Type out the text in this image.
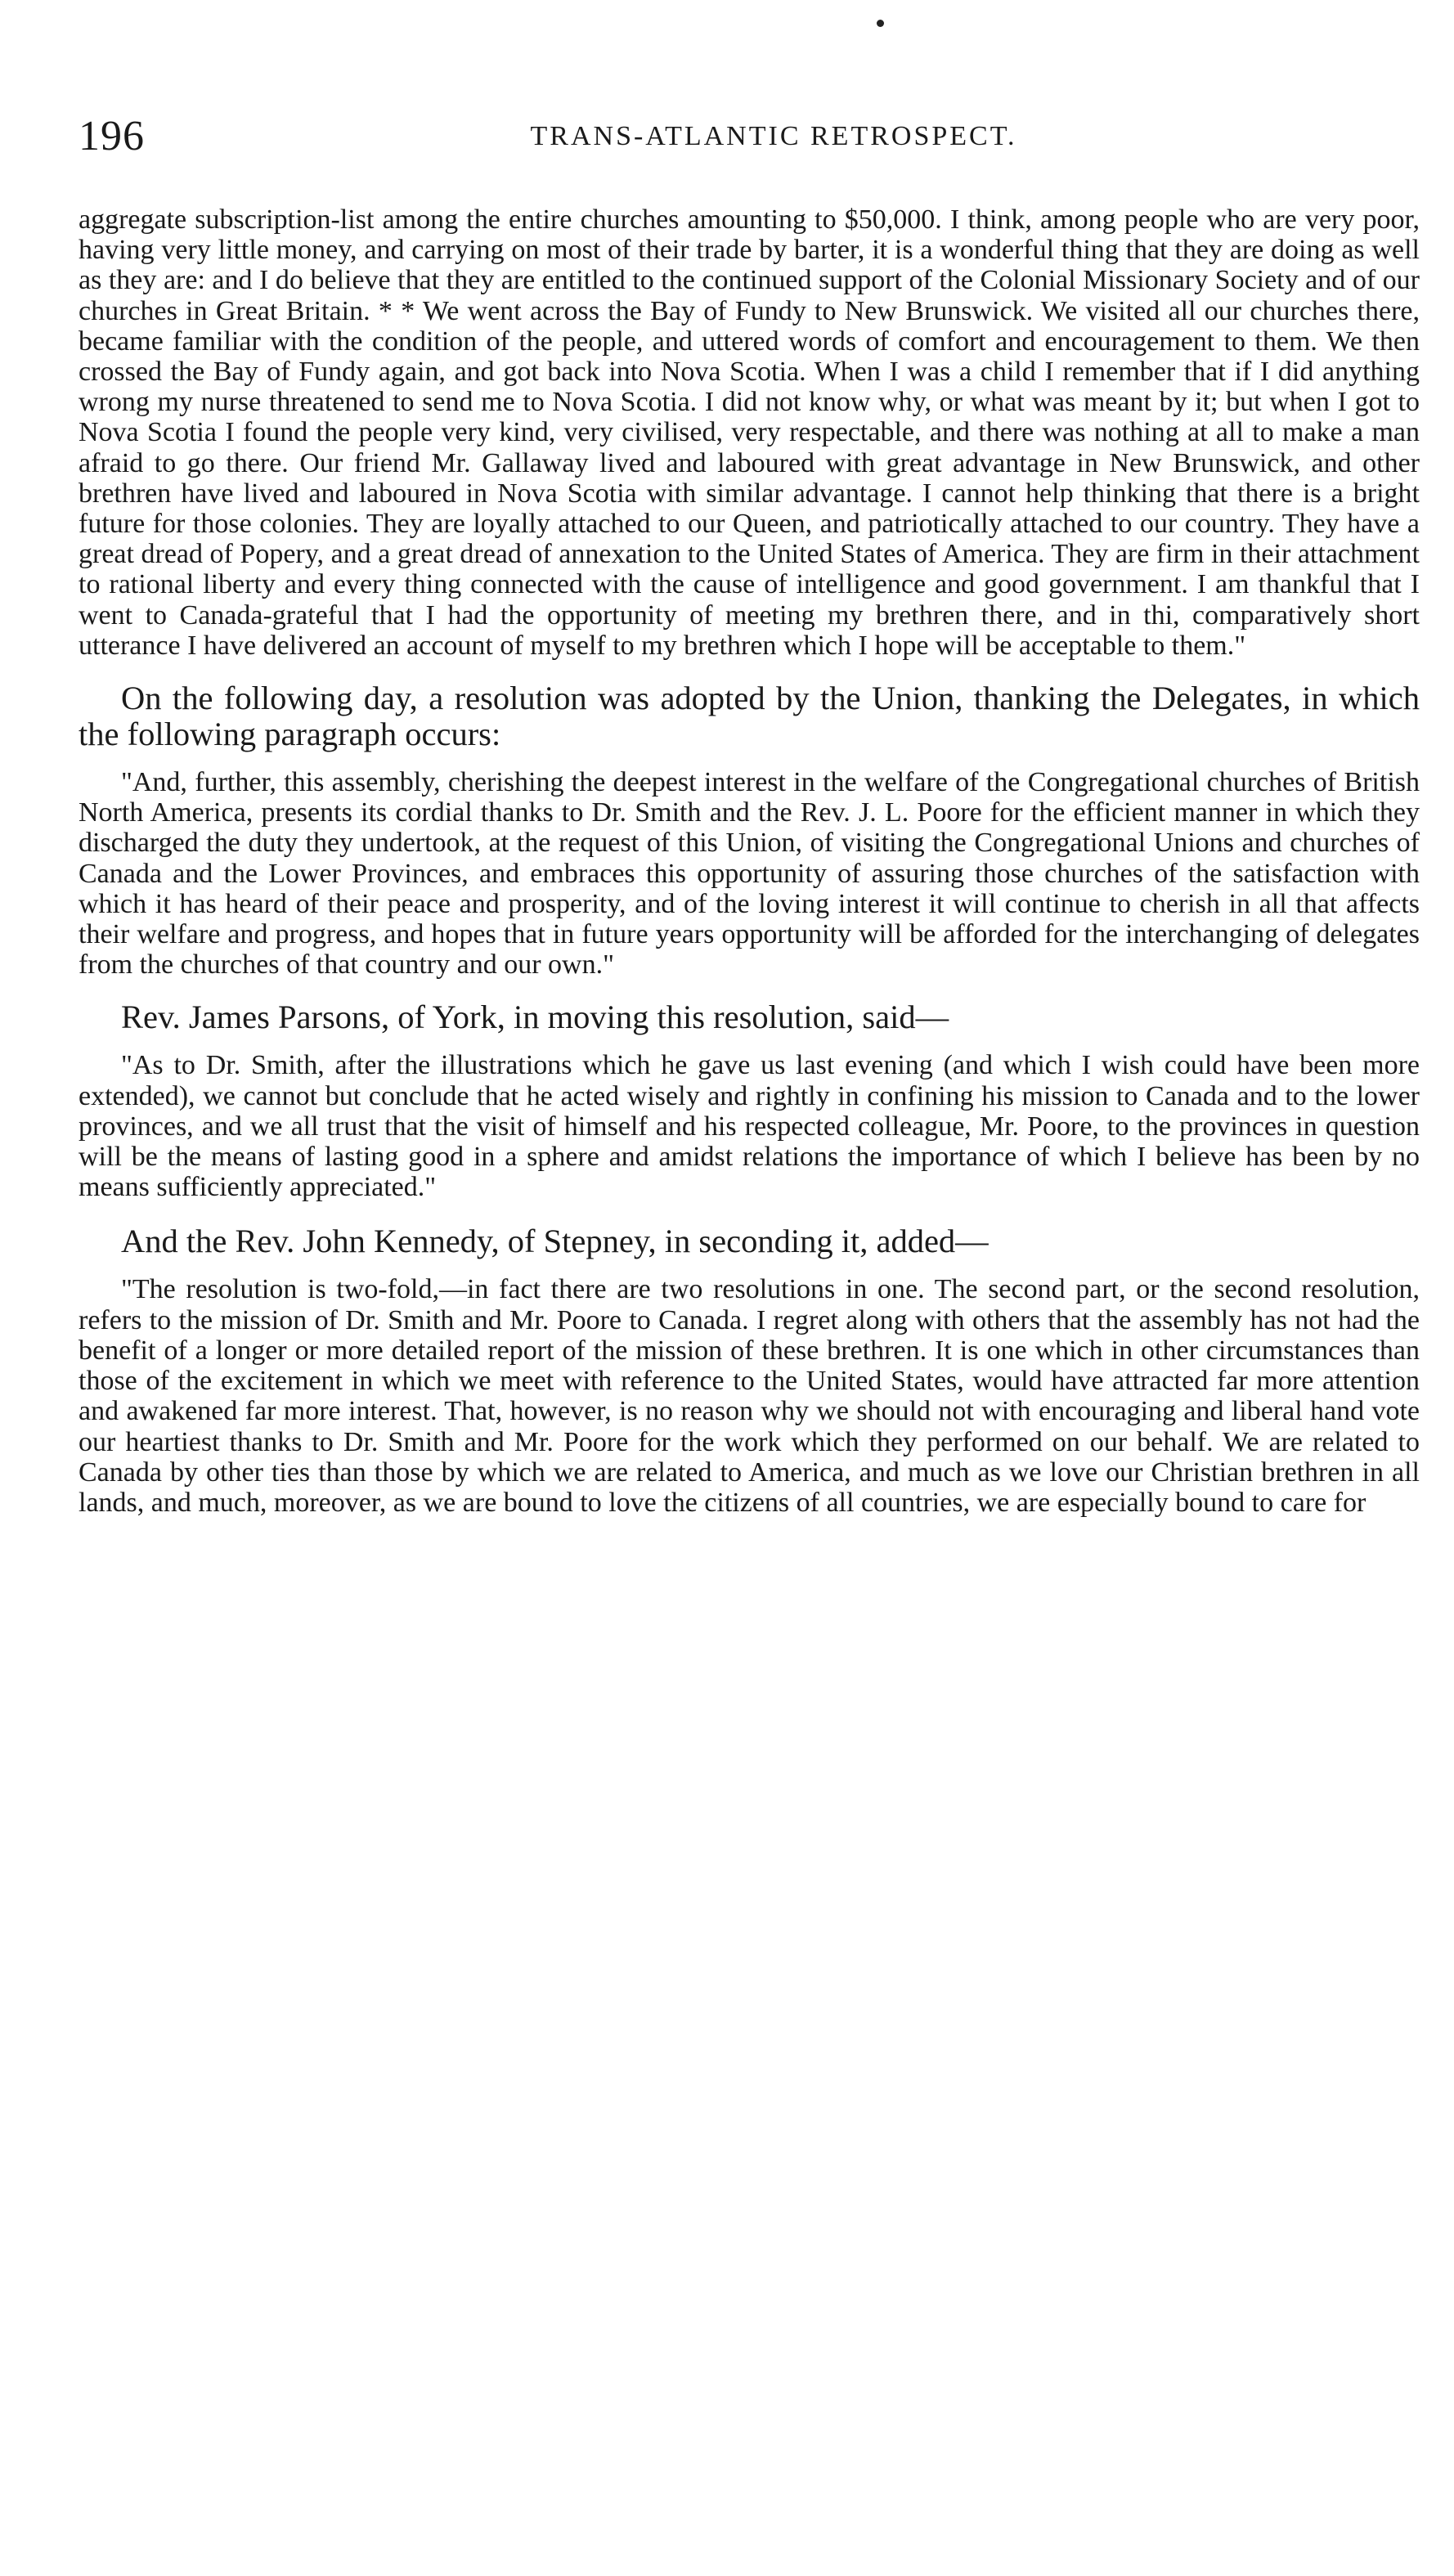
196	TRANS-ATLANTIC RETROSPECT.

aggregate subscription-list among the entire churches amounting to $50,000. I think, among people who are very poor, having very little money, and carrying on most of their trade by barter, it is a wonderful thing that they are doing as well as they are: and I do believe that they are entitled to the continued support of the Colonial Missionary Society and of our churches in Great Britain. * * We went across the Bay of Fundy to New Brunswick. We visited all our churches there, became familiar with the condition of the people, and uttered words of comfort and encouragement to them. We then crossed the Bay of Fundy again, and got back into Nova Scotia. When I was a child I remember that if I did anything wrong my nurse threatened to send me to Nova Scotia. I did not know why, or what was meant by it; but when I got to Nova Scotia I found the people very kind, very civilised, very respectable, and there was nothing at all to make a man afraid to go there. Our friend Mr. Gallaway lived and laboured with great advantage in New Brunswick, and other brethren have lived and laboured in Nova Scotia with similar advantage. I cannot help thinking that there is a bright future for those colonies. They are loyally attached to our Queen, and patriotically attached to our country. They have a great dread of Popery, and a great dread of annexation to the United States of America. They are firm in their attachment to rational liberty and every thing connected with the cause of intelligence and good government. I am thankful that I went to Canada-grateful that I had the opportunity of meeting my brethren there, and in thi, comparatively short utterance I have delivered an account of myself to my brethren which I hope will be acceptable to them."

On the following day, a resolution was adopted by the Union, thanking the Delegates, in which the following paragraph occurs:

"And, further, this assembly, cherishing the deepest interest in the welfare of the Congregational churches of British North America, presents its cordial thanks to Dr. Smith and the Rev. J. L. Poore for the efficient manner in which they discharged the duty they undertook, at the request of this Union, of visiting the Congregational Unions and churches of Canada and the Lower Provinces, and embraces this opportunity of assuring those churches of the satisfaction with which it has heard of their peace and prosperity, and of the loving interest it will continue to cherish in all that affects their welfare and progress, and hopes that in future years opportunity will be afforded for the interchanging of delegates from the churches of that country and our own."

Rev. James Parsons, of York, in moving this resolution, said—

"As to Dr. Smith, after the illustrations which he gave us last evening (and which I wish could have been more extended), we cannot but conclude that he acted wisely and rightly in confining his mission to Canada and to the lower provinces, and we all trust that the visit of himself and his respected colleague, Mr. Poore, to the provinces in question will be the means of lasting good in a sphere and amidst relations the importance of which I believe has been by no means sufficiently appreciated."

And the Rev. John Kennedy, of Stepney, in seconding it, added—

"The resolution is two-fold,—in fact there are two resolutions in one. The second part, or the second resolution, refers to the mission of Dr. Smith and Mr. Poore to Canada. I regret along with others that the assembly has not had the benefit of a longer or more detailed report of the mission of these brethren. It is one which in other circumstances than those of the excitement in which we meet with reference to the United States, would have attracted far more attention and awakened far more interest. That, however, is no reason why we should not with encouraging and liberal hand vote our heartiest thanks to Dr. Smith and Mr. Poore for the work which they performed on our behalf. We are related to Canada by other ties than those by which we are related to America, and much as we love our Christian brethren in all lands, and much, moreover, as we are bound to love the citizens of all countries, we are especially bound to care for
